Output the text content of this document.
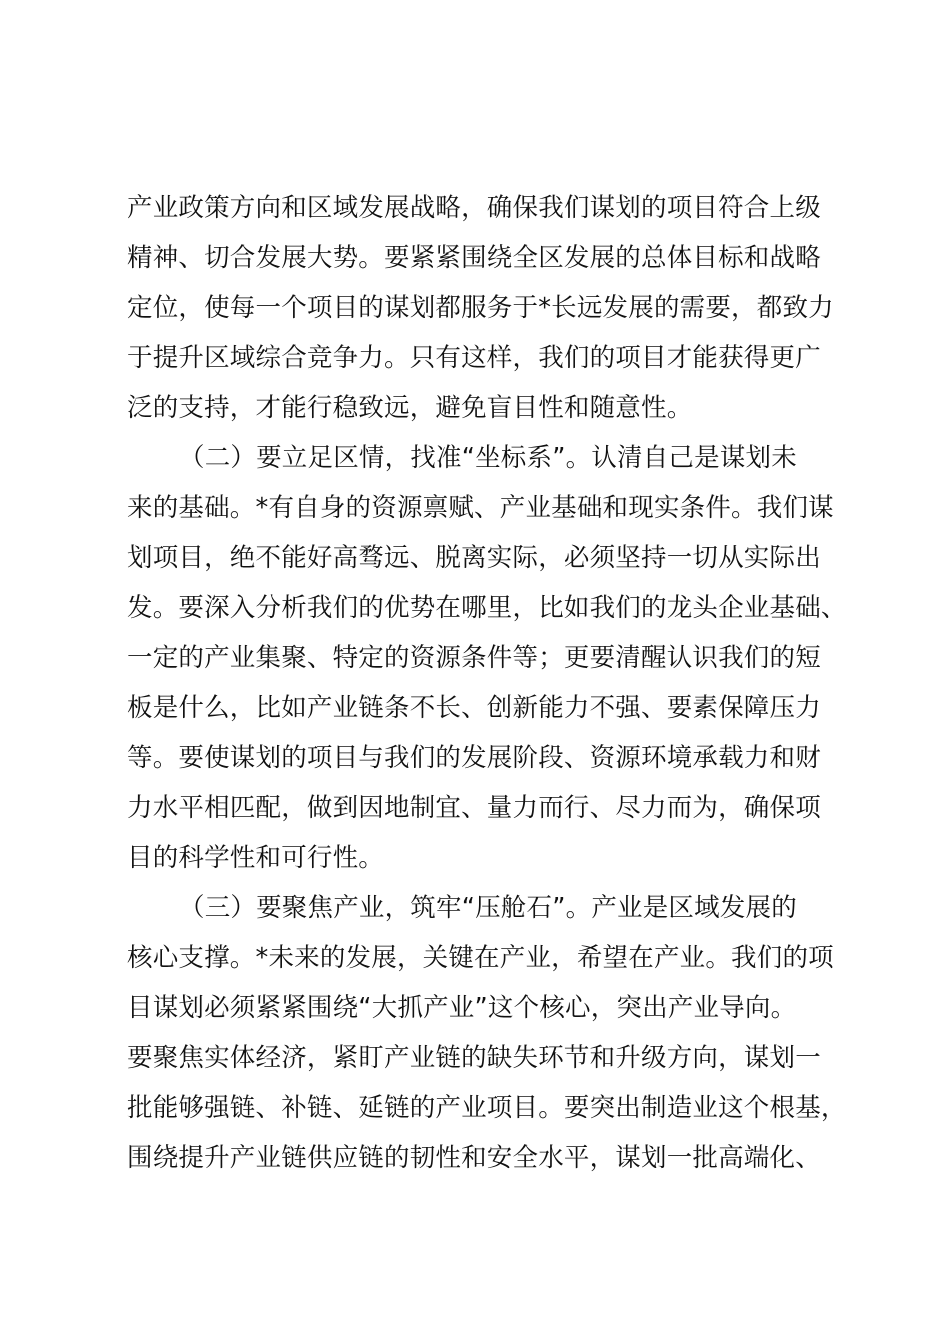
产业政策方向和区域发展战略，确保我们谋划的项目符合上级
精神、切合发展大势。要紧紧围绕全区发展的总体目标和战略
定位，使每一个项目的谋划都服务于*长远发展的需要，都致力
于提升区域综合竞争力。只有这样，我们的项目才能获得更广
泛的支持，才能行稳致远，避免盲目性和随意性。
（二）要立足区情，找准“坐标系”。认清自己是谋划未
来的基础。*有自身的资源禀赋、产业基础和现实条件。我们谋
划项目，绝不能好高骛远、脱离实际，必须坚持一切从实际出
发。要深入分析我们的优势在哪里，比如我们的龙头企业基础、
一定的产业集聚、特定的资源条件等；更要清醒认识我们的短
板是什么，比如产业链条不长、创新能力不强、要素保障压力
等。要使谋划的项目与我们的发展阶段、资源环境承载力和财
力水平相匹配，做到因地制宜、量力而行、尽力而为，确保项
目的科学性和可行性。
（三）要聚焦产业，筑牢“压舱石”。产业是区域发展的
核心支撑。*未来的发展，关键在产业，希望在产业。我们的项
目谋划必须紧紧围绕“大抓产业”这个核心，突出产业导向。
要聚焦实体经济，紧盯产业链的缺失环节和升级方向，谋划一
批能够强链、补链、延链的产业项目。要突出制造业这个根基，
围绕提升产业链供应链的韧性和安全水平，谋划一批高端化、
